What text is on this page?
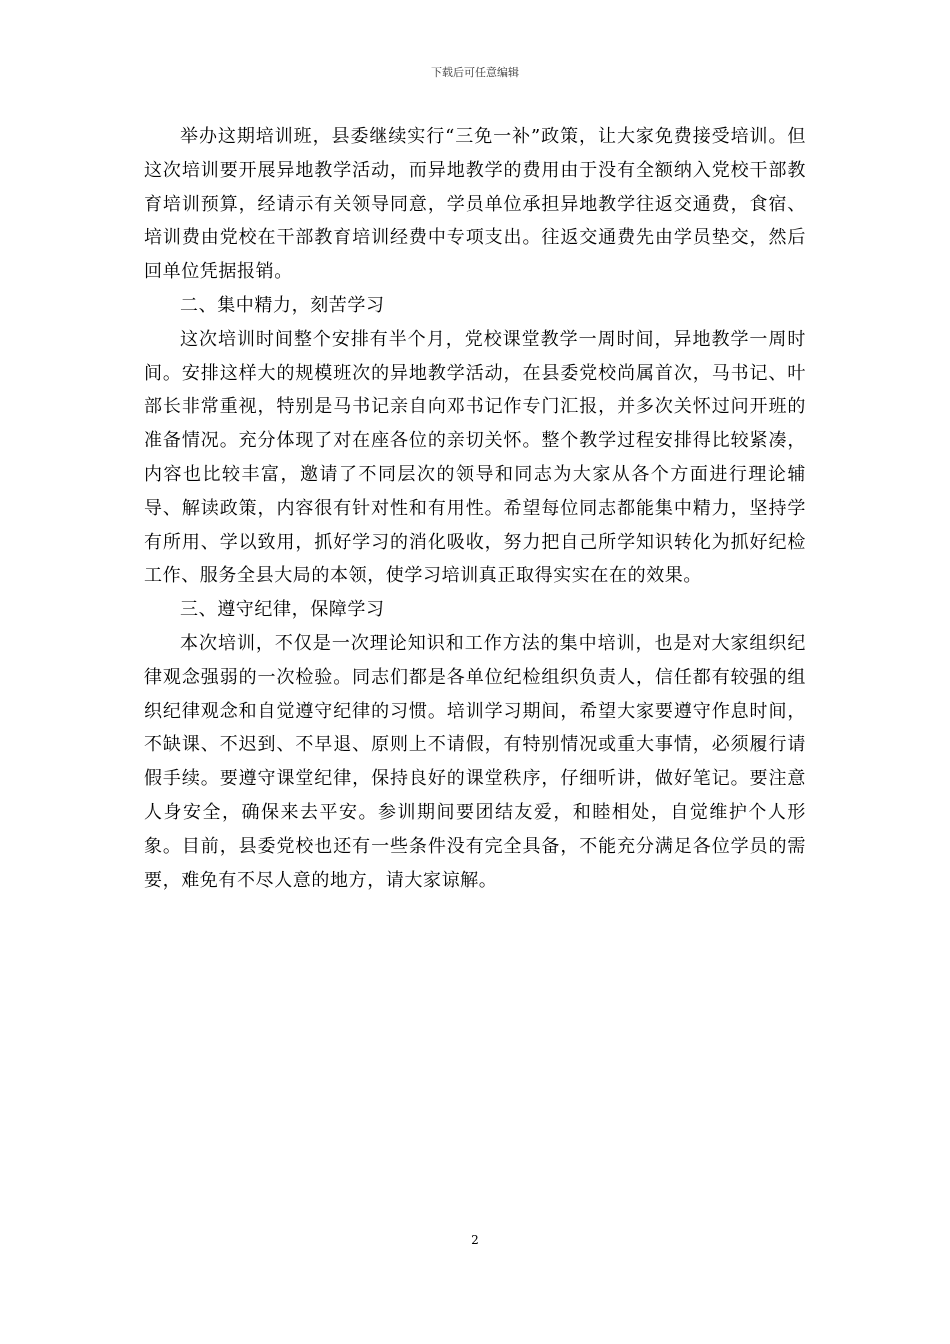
下载后可任意编辑

举办这期培训班，县委继续实行“三免一补”政策，让大家免费接受培训。但这次培训要开展异地教学活动，而异地教学的费用由于没有全额纳入党校干部教育培训预算，经请示有关领导同意，学员单位承担异地教学往返交通费，食宿、培训费由党校在干部教育培训经费中专项支出。往返交通费先由学员垫交，然后回单位凭据报销。

二、集中精力，刻苦学习

这次培训时间整个安排有半个月，党校课堂教学一周时间，异地教学一周时间。安排这样大的规模班次的异地教学活动，在县委党校尚属首次，马书记、叶部长非常重视，特别是马书记亲自向邓书记作专门汇报，并多次关怀过问开班的准备情况。充分体现了对在座各位的亲切关怀。整个教学过程安排得比较紧凑，内容也比较丰富，邀请了不同层次的领导和同志为大家从各个方面进行理论辅导、解读政策，内容很有针对性和有用性。希望每位同志都能集中精力，坚持学有所用、学以致用，抓好学习的消化吸收，努力把自己所学知识转化为抓好纪检工作、服务全县大局的本领，使学习培训真正取得实实在在的效果。

三、遵守纪律，保障学习

本次培训，不仅是一次理论知识和工作方法的集中培训，也是对大家组织纪律观念强弱的一次检验。同志们都是各单位纪检组织负责人，信任都有较强的组织纪律观念和自觉遵守纪律的习惯。培训学习期间，希望大家要遵守作息时间，不缺课、不迟到、不早退、原则上不请假，有特别情况或重大事情，必须履行请假手续。要遵守课堂纪律，保持良好的课堂秩序，仔细听讲，做好笔记。要注意人身安全，确保来去平安。参训期间要团结友爱，和睦相处，自觉维护个人形象。目前，县委党校也还有一些条件没有完全具备，不能充分满足各位学员的需要，难免有不尽人意的地方，请大家谅解。

2
